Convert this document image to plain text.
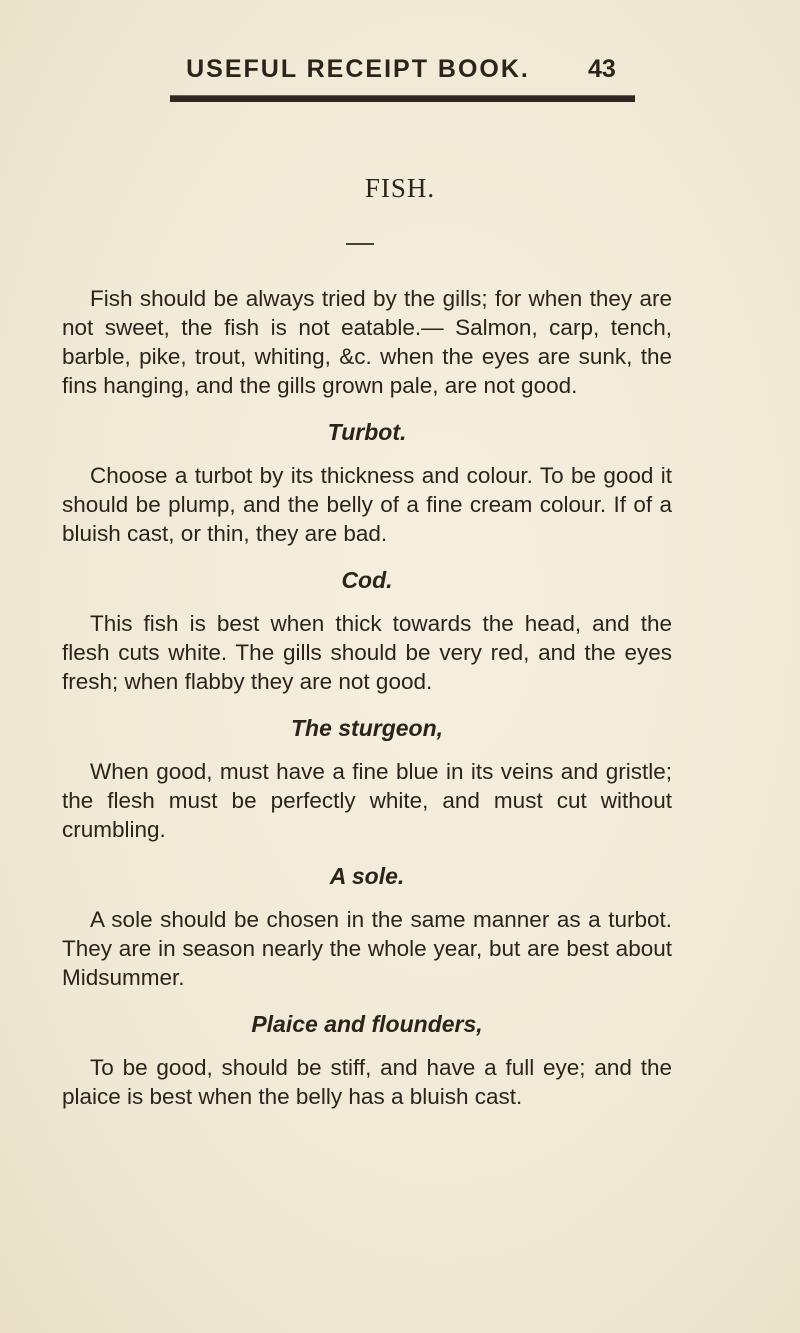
USEFUL RECEIPT BOOK.	43
FISH.

Fish should be always tried by the gills; for when they are not sweet, the fish is not eatable.— Salmon, carp, tench, barble, pike, trout, whiting, &c. when the eyes are sunk, the fins hanging, and the gills grown pale, are not good.

Turbot.

Choose a turbot by its thickness and colour. To be good it should be plump, and the belly of a fine cream colour. If of a bluish cast, or thin, they are bad.

Cod.

This fish is best when thick towards the head, and the flesh cuts white. The gills should be very red, and the eyes fresh; when flabby they are not good.

The sturgeon,

When good, must have a fine blue in its veins and gristle; the flesh must be perfectly white, and must cut without crumbling.

A sole.

A sole should be chosen in the same manner as a turbot. They are in season nearly the whole year, but are best about Midsummer.

Plaice and flounders,

To be good, should be stiff, and have a full eye; and the plaice is best when the belly has a bluish cast.
